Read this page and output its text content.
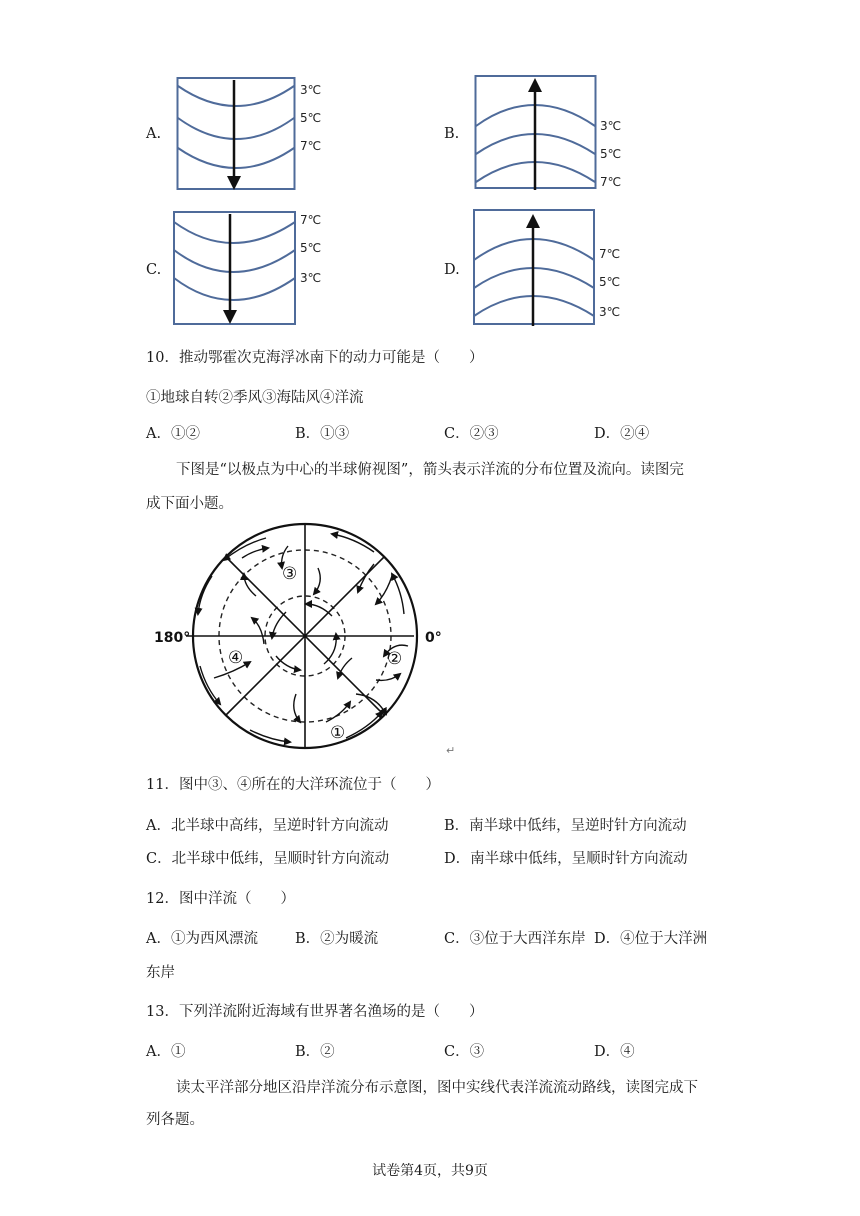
A.
3℃
5℃
7℃
B.	3℃
5℃
7℃
C.
7℃
5℃
3℃	D.
7℃
5℃
3℃
10．推动鄂霍次克海浮冰南下的动力可能是（　　）
①地球自转②季风③海陆风④洋流
A．①②	B．①③	C．②③	D．②④
下图是“以极点为中心的半球俯视图”，箭头表示洋流的分布位置及流向。读图完
成下面小题。
180°	0°
③
④	②
①
↵
11．图中③、④所在的大洋环流位于（　　）
A．北半球中高纬，呈逆时针方向流动	B．南半球中低纬，呈逆时针方向流动
C．北半球中低纬，呈顺时针方向流动	D．南半球中低纬，呈顺时针方向流动
12．图中洋流（　　）
A．①为西风漂流	B．②为暖流	C．③位于大西洋东岸 D．④位于大洋洲
东岸
13．下列洋流附近海域有世界著名渔场的是（　　）
A．①	B．②	C．③	D．④
读太平洋部分地区沿岸洋流分布示意图，图中实线代表洋流流动路线，读图完成下
列各题。
试卷第4页，共9页
